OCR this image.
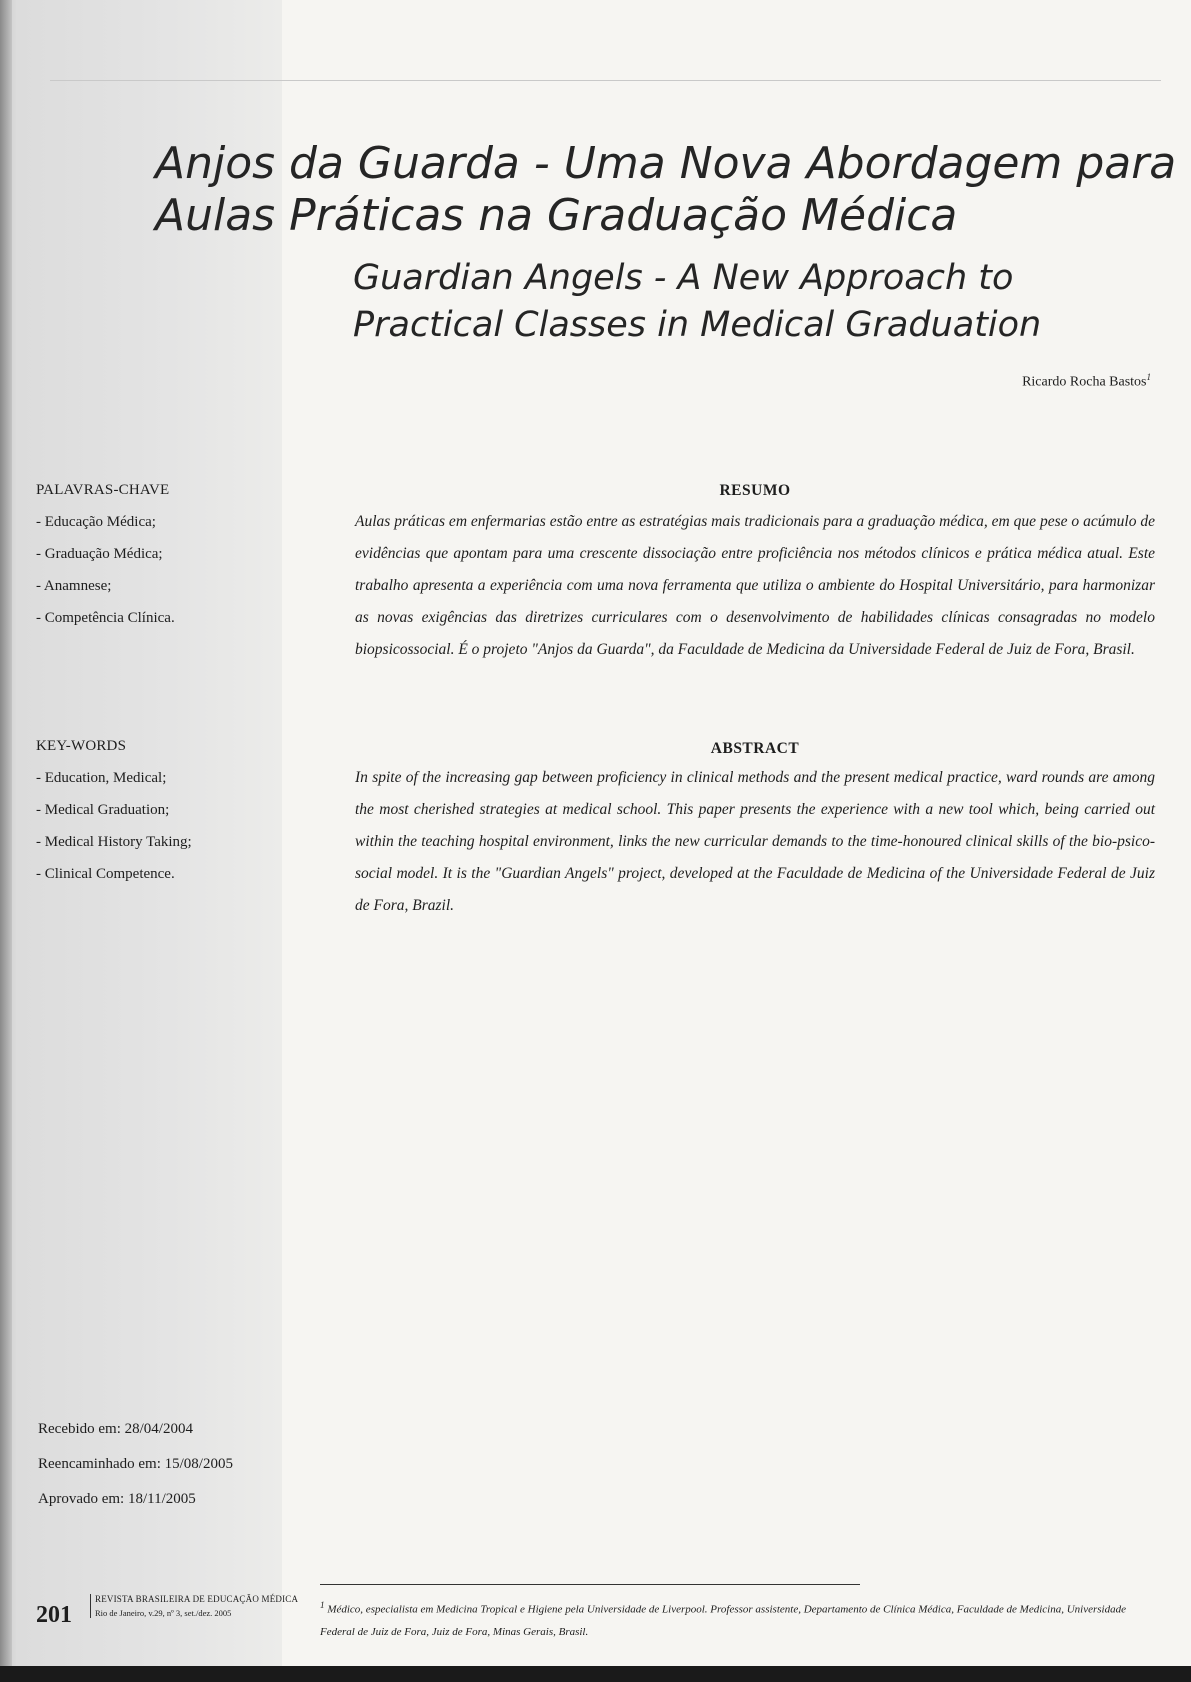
Anjos da Guarda - Uma Nova Abordagem para
Aulas Práticas na Graduação Médica
Guardian Angels - A New Approach to
Practical Classes in Medical Graduation
Ricardo Rocha Bastos$^1$
PALAVRAS-CHAVE
- Educação Médica;
- Graduação Médica;
- Anamnese;
- Competência Clínica.
KEY-WORDS
- Education, Medical;
- Medical Graduation;
- Medical History Taking;
- Clinical Competence.
RESUMO

Aulas práticas em enfermarias estão entre as estratégias mais tradicionais para a graduação médica, em que pese o acúmulo de evidências que apontam para uma crescente dissociação entre proficiência nos métodos clínicos e prática médica atual. Este trabalho apresenta a experiência com uma nova ferramenta que utiliza o ambiente do Hospital Universitário, para harmonizar as novas exigências das diretrizes curriculares com o desenvolvimento de habilidades clínicas consagradas no modelo biopsicossocial. É o projeto "Anjos da Guarda", da Faculdade de Medicina da Universidade Federal de Juiz de Fora, Brasil.

ABSTRACT

In spite of the increasing gap between proficiency in clinical methods and the present medical practice, ward rounds are among the most cherished strategies at medical school. This paper presents the experience with a new tool which, being carried out within the teaching hospital environment, links the new curricular demands to the time-honoured clinical skills of the bio-psico-social model. It is the "Guardian Angels" project, developed at the Faculdade de Medicina of the Universidade Federal de Juiz de Fora, Brazil.

Recebido em: 28/04/2004
Reencaminhado em: 15/08/2005
Aprovado em: 18/11/2005
201
REVISTA BRASILEIRA DE EDUCAÇÃO MÉDICA
Rio de Janeiro, v.29, nº 3, set./dez. 2005

$^1$ Médico, especialista em Medicina Tropical e Higiene pela Universidade de Liverpool. Professor assistente, Departamento de Clínica Médica, Faculdade de Medicina, Universidade Federal de Juiz de Fora, Juiz de Fora, Minas Gerais, Brasil.
